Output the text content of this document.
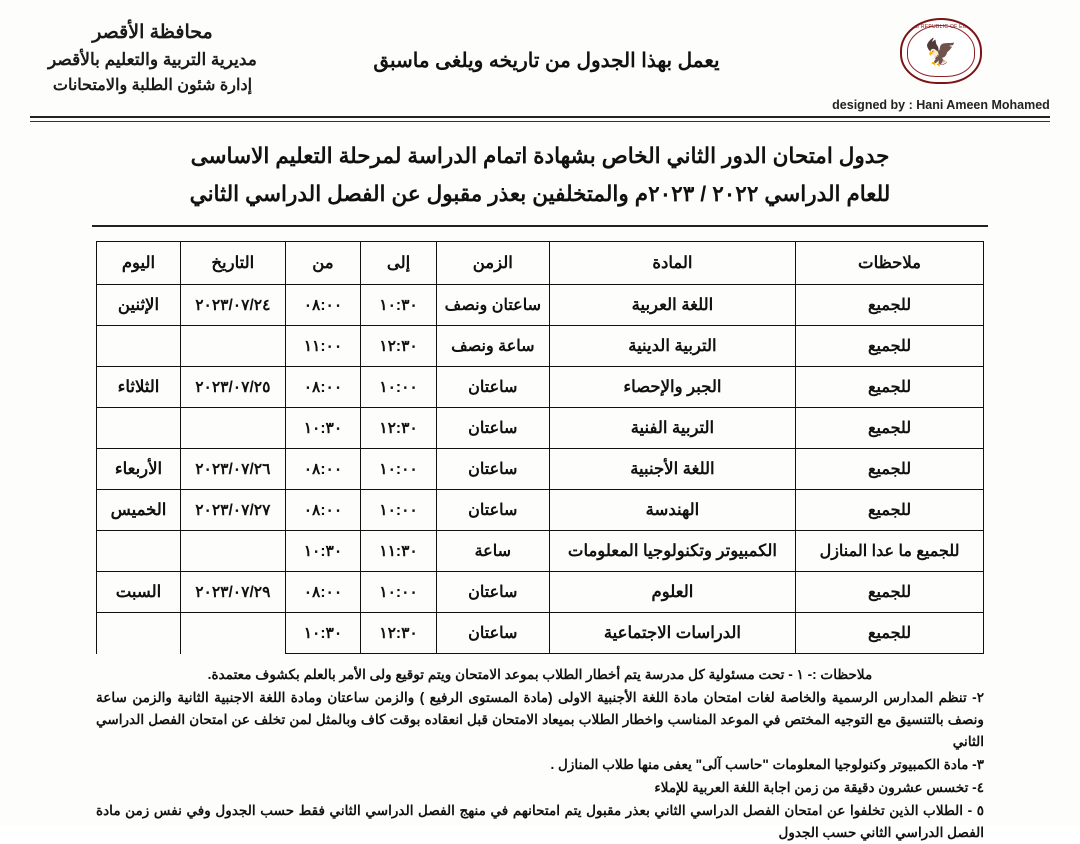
محافظة الأقصر
مديرية التربية والتعليم بالأقصر
إدارة شئون الطلبة والامتحانات
يعمل بهذا الجدول من تاريخه ويلغى ماسبق
ARAB REPUBLIC OF EGYPT
🦅
designed by : Hani Ameen Mohamed
جدول امتحان الدور الثاني الخاص بشهادة اتمام الدراسة لمرحلة التعليم الاساسى
للعام الدراسي ٢٠٢٢ / ٢٠٢٣م والمتخلفين بعذر مقبول عن الفصل الدراسي الثاني
ملاحظات	المادة	الزمن	إلى	من	التاريخ	اليوم
للجميع	اللغة العربية	ساعتان ونصف	١٠:٣٠	٠٨:٠٠	٢٠٢٣/٠٧/٢٤	الإثنين
للجميع	التربية الدينية	ساعة ونصف	١٢:٣٠	١١:٠٠		
للجميع	الجبر والإحصاء	ساعتان	١٠:٠٠	٠٨:٠٠	٢٠٢٣/٠٧/٢٥	الثلاثاء
للجميع	التربية الفنية	ساعتان	١٢:٣٠	١٠:٣٠		
للجميع	اللغة الأجنبية	ساعتان	١٠:٠٠	٠٨:٠٠	٢٠٢٣/٠٧/٢٦	الأربعاء
للجميع	الهندسة	ساعتان	١٠:٠٠	٠٨:٠٠	٢٠٢٣/٠٧/٢٧	الخميس
للجميع ما عدا المنازل	الكمبيوتر وتكنولوجيا المعلومات	ساعة	١١:٣٠	١٠:٣٠		
للجميع	العلوم	ساعتان	١٠:٠٠	٠٨:٠٠	٢٠٢٣/٠٧/٢٩	السبت
للجميع	الدراسات الاجتماعية	ساعتان	١٢:٣٠	١٠:٣٠		
ملاحظات :- ١ - تحت مسئولية كل مدرسة يتم أخطار الطلاب بموعد الامتحان ويتم توقيع ولى الأمر بالعلم بكشوف معتمدة.
٢- تنظم المدارس الرسمية والخاصة لغات امتحان مادة اللغة الأجنبية الاولى (مادة المستوى الرفيع ) والزمن ساعتان ومادة اللغة الاجنبية الثانية والزمن ساعة ونصف بالتنسيق مع التوجيه المختص في الموعد المناسب واخطار الطلاب بميعاد الامتحان قبل انعقاده بوقت كاف وبالمثل لمن تخلف عن امتحان الفصل الدراسي الثاني
٣- مادة الكمبيوتر وكنولوجيا المعلومات "حاسب آلى" يعفى منها طلاب المنازل .
٤- تخسس عشرون دقيقة من زمن اجابة اللغة العربية للإملاء
٥ - الطلاب الذين تخلفوا عن امتحان الفصل الدراسي الثاني بعذر مقبول يتم امتحانهم في منهج الفصل الدراسي الثاني فقط حسب الجدول وفي نفس زمن مادة الفصل الدراسي الثاني حسب الجدول
